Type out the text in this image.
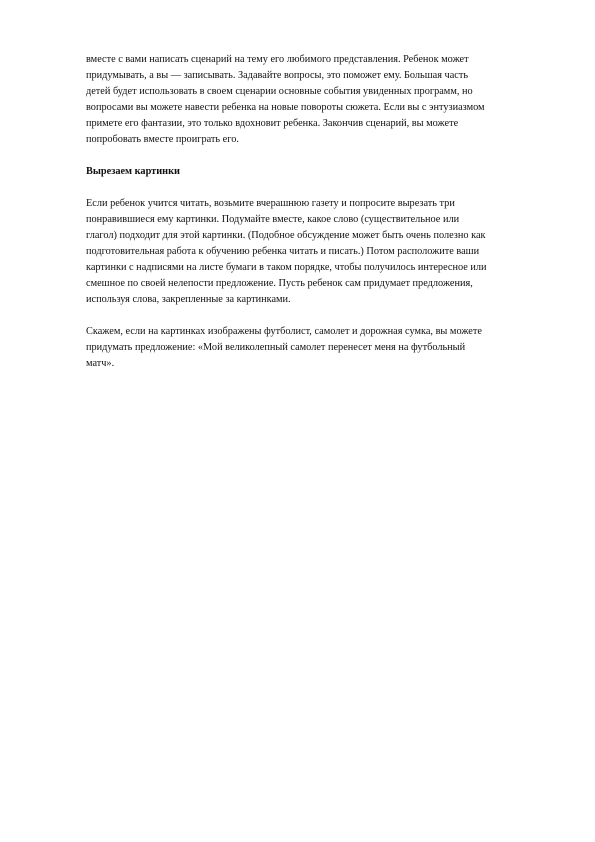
вместе с вами написать сценарий на тему его любимого представления. Ребенок может

придумывать, а вы — записывать. Задавайте вопросы, это поможет ему. Большая часть

детей будет использовать в своем сценарии основные события увиденных программ, но

вопросами вы можете навести ребенка на новые повороты сюжета. Если вы с энтузиазмом

примете его фантазии, это только вдохновит ребенка. Закончив сценарий, вы можете

попробовать вместе проиграть его.

Вырезаем картинки

Если ребенок учится читать, возьмите вчерашнюю газету и попросите вырезать три

понравившиеся ему картинки. Подумайте вместе, какое слово (существительное или

глагол) подходит для этой картинки. (Подобное обсуждение может быть очень полезно как

подготовительная работа к обучению ребенка читать и писать.) Потом расположите ваши

картинки с надписями на листе бумаги в таком порядке, чтобы получилось интересное или

смешное по своей нелепости предложение. Пусть ребенок сам придумает предложения,

используя слова, закрепленные за картинками.

Скажем, если на картинках изображены футболист, самолет и дорожная сумка, вы можете

придумать предложение: «Мой великолепный самолет перенесет меня на футбольный

матч».
